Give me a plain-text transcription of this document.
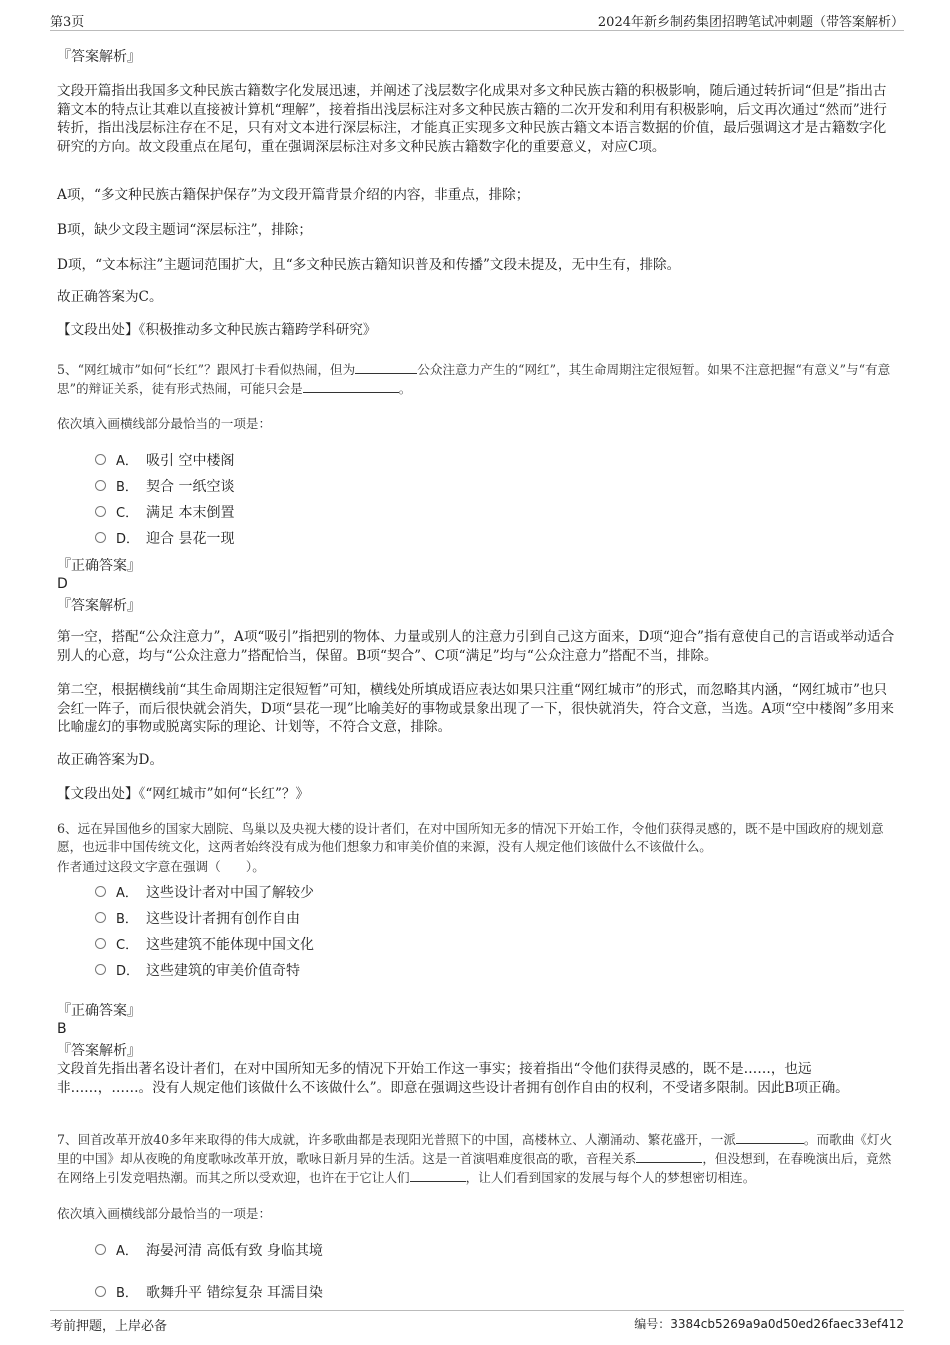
第3页	2024年新乡制药集团招聘笔试冲刺题（带答案解析）
『答案解析』
文段开篇指出我国多文种民族古籍数字化发展迅速，并阐述了浅层数字化成果对多文种民族古籍的积极影响，随后通过转折词“但是”指出古籍文本的特点让其难以直接被计算机“理解”，接着指出浅层标注对多文种民族古籍的二次开发和利用有积极影响，后文再次通过“然而”进行转折，指出浅层标注存在不足，只有对文本进行深层标注，才能真正实现多文种民族古籍文本语言数据的价值，最后强调这才是古籍数字化研究的方向。故文段重点在尾句，重在强调深层标注对多文种民族古籍数字化的重要意义，对应C项。
A项，“多文种民族古籍保护保存”为文段开篇背景介绍的内容，非重点，排除；
B项，缺少文段主题词“深层标注”，排除；
D项，“文本标注”主题词范围扩大，且“多文种民族古籍知识普及和传播”文段未提及，无中生有，排除。
故正确答案为C。
【文段出处】《积极推动多文种民族古籍跨学科研究》
5、“网红城市”如何“长红”？跟风打卡看似热闹，但为	公众注意力产生的“网红”，其生命周期注定很短暂。如果不注意把握“有意义”与“有意思”的辩证关系，徒有形式热闹，可能只会是	。
依次填入画横线部分最恰当的一项是：
A． 吸引 空中楼阁
B． 契合 一纸空谈
C． 满足 本末倒置
D． 迎合 昙花一现
『正确答案』
D
『答案解析』
第一空，搭配“公众注意力”，A项“吸引”指把别的物体、力量或别人的注意力引到自己这方面来，D项“迎合”指有意使自己的言语或举动适合别人的心意，均与“公众注意力”搭配恰当，保留。B项“契合”、C项“满足”均与“公众注意力”搭配不当，排除。
第二空，根据横线前“其生命周期注定很短暂”可知，横线处所填成语应表达如果只注重“网红城市”的形式，而忽略其内涵，“网红城市”也只会红一阵子，而后很快就会消失，D项“昙花一现”比喻美好的事物或景象出现了一下，很快就消失，符合文意，当选。A项“空中楼阁”多用来比喻虚幻的事物或脱离实际的理论、计划等，不符合文意，排除。
故正确答案为D。
【文段出处】《“网红城市”如何“长红”？》
6、远在异国他乡的国家大剧院、鸟巢以及央视大楼的设计者们，在对中国所知无多的情况下开始工作，令他们获得灵感的，既不是中国政府的规划意愿，也远非中国传统文化，这两者始终没有成为他们想象力和审美价值的来源，没有人规定他们该做什么不该做什么。
作者通过这段文字意在强调（　　）。
A． 这些设计者对中国了解较少
B． 这些设计者拥有创作自由
C． 这些建筑不能体现中国文化
D． 这些建筑的审美价值奇特
『正确答案』
B
『答案解析』
文段首先指出著名设计者们，在对中国所知无多的情况下开始工作这一事实；接着指出“令他们获得灵感的，既不是……，也远非……，……。没有人规定他们该做什么不该做什么”。即意在强调这些设计者拥有创作自由的权利，不受诸多限制。因此B项正确。
7、回首改革开放40多年来取得的伟大成就，许多歌曲都是表现阳光普照下的中国，高楼林立、人潮涌动、繁花盛开，一派	。而歌曲《灯火里的中国》却从夜晚的角度歌咏改革开放，歌咏日新月异的生活。这是一首演唱难度很高的歌，音程关系	，但没想到，在春晚演出后，竟然在网络上引发竞唱热潮。而其之所以受欢迎，也许在于它让人们	，让人们看到国家的发展与每个人的梦想密切相连。
依次填入画横线部分最恰当的一项是：
A． 海晏河清 高低有致 身临其境
B． 歌舞升平 错综复杂 耳濡目染
考前押题，上岸必备	编号：3384cb5269a9a0d50ed26faec33ef412
